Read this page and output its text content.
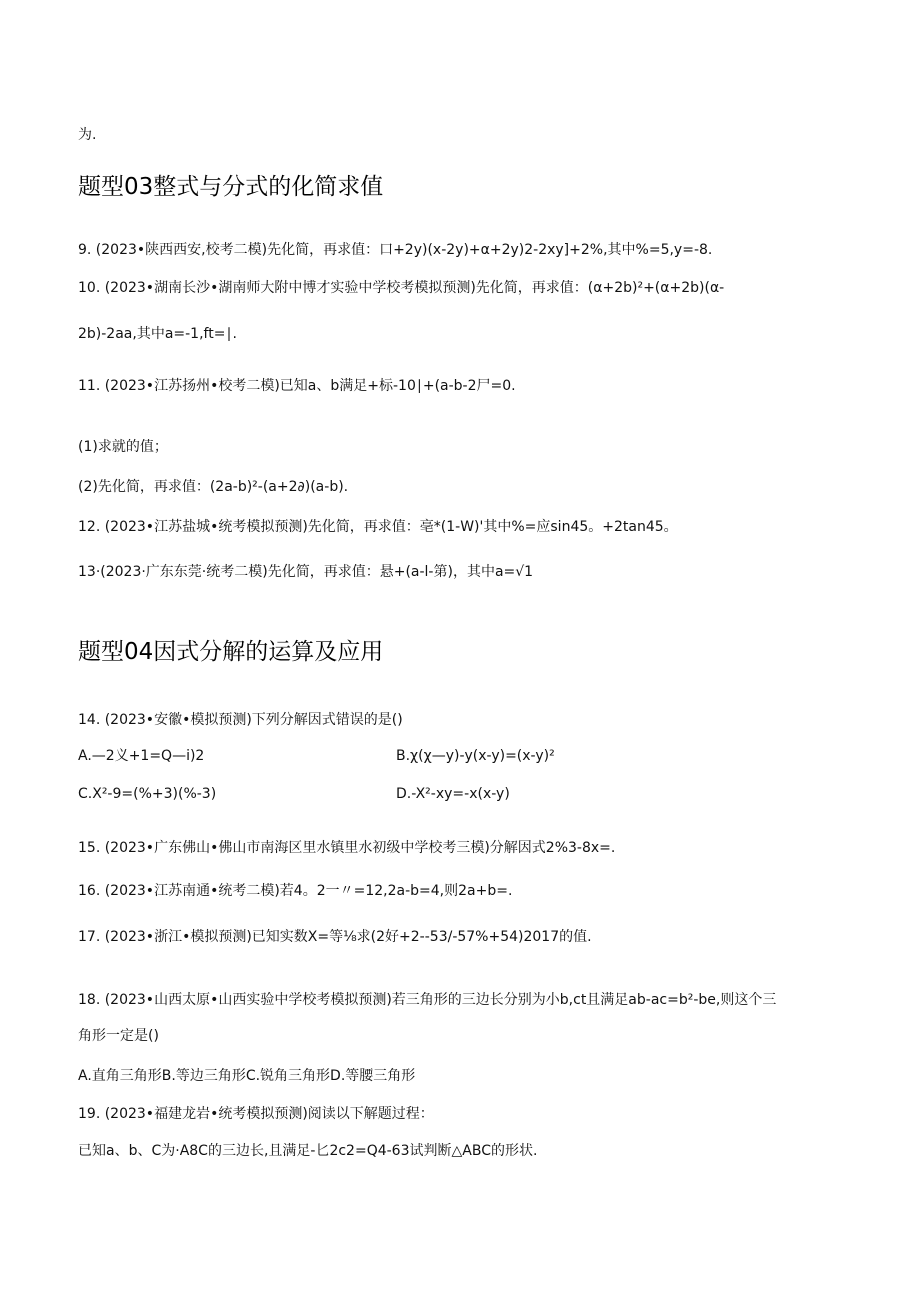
为.
题型03整式与分式的化简求值
9. (2023•陕西西安,校考二模)先化简，再求值：口+2y)(x-2y)+α+2y)2-2xy]+2%,其中%=5,y=-8.
10. (2023•湖南长沙•湖南师大附中博才实验中学校考模拟预测)先化简，再求值：(α+2b)²+(α+2b)(α-
2b)-2aa,其中a=-1,ft=∣.
11. (2023•江苏扬州•校考二模)已知a、b满足+标-10∣+(a-b-2尸=0.
(1)求就的值；
(2)先化简，再求值：(2a-b)²-(a+2∂)(a-b).
12. (2023•江苏盐城•统考模拟预测)先化简，再求值：亳*(1-W)'其中%=应sin45。+2tan45。
13·(2023·广东东莞·统考二模)先化简，再求值：悬+(a-l-第)，其中a=√1
题型04因式分解的运算及应用
14. (2023•安徽•模拟预测)下列分解因式错误的是()
A.—2义+1=Q—i)2	B.χ(χ—y)-y(x-y)=(x-y)²
C.X²-9=(%+3)(%-3)	D.-X²-xy=-x(x-y)
15. (2023•广东佛山•佛山市南海区里水镇里水初级中学校考三模)分解因式2%3-8x=.
16. (2023•江苏南通•统考二模)若4。2一〃=12,2a-b=4,则2a+b=.
17. (2023•浙江•模拟预测)已知实数X=等⅛求(2好+2--53/-57%+54)2017的值.
18. (2023•山西太原•山西实验中学校考模拟预测)若三角形的三边长分别为小b,ct且满足ab-ac=b²-be,则这个三
角形一定是()
A.直角三角形B.等边三角形C.锐角三角形D.等腰三角形
19. (2023•福建龙岩•统考模拟预测)阅读以下解题过程：
已知a、b、C为·A8C的三边长,且满足-匕2c2=Q4-63试判断△ABC的形状.
